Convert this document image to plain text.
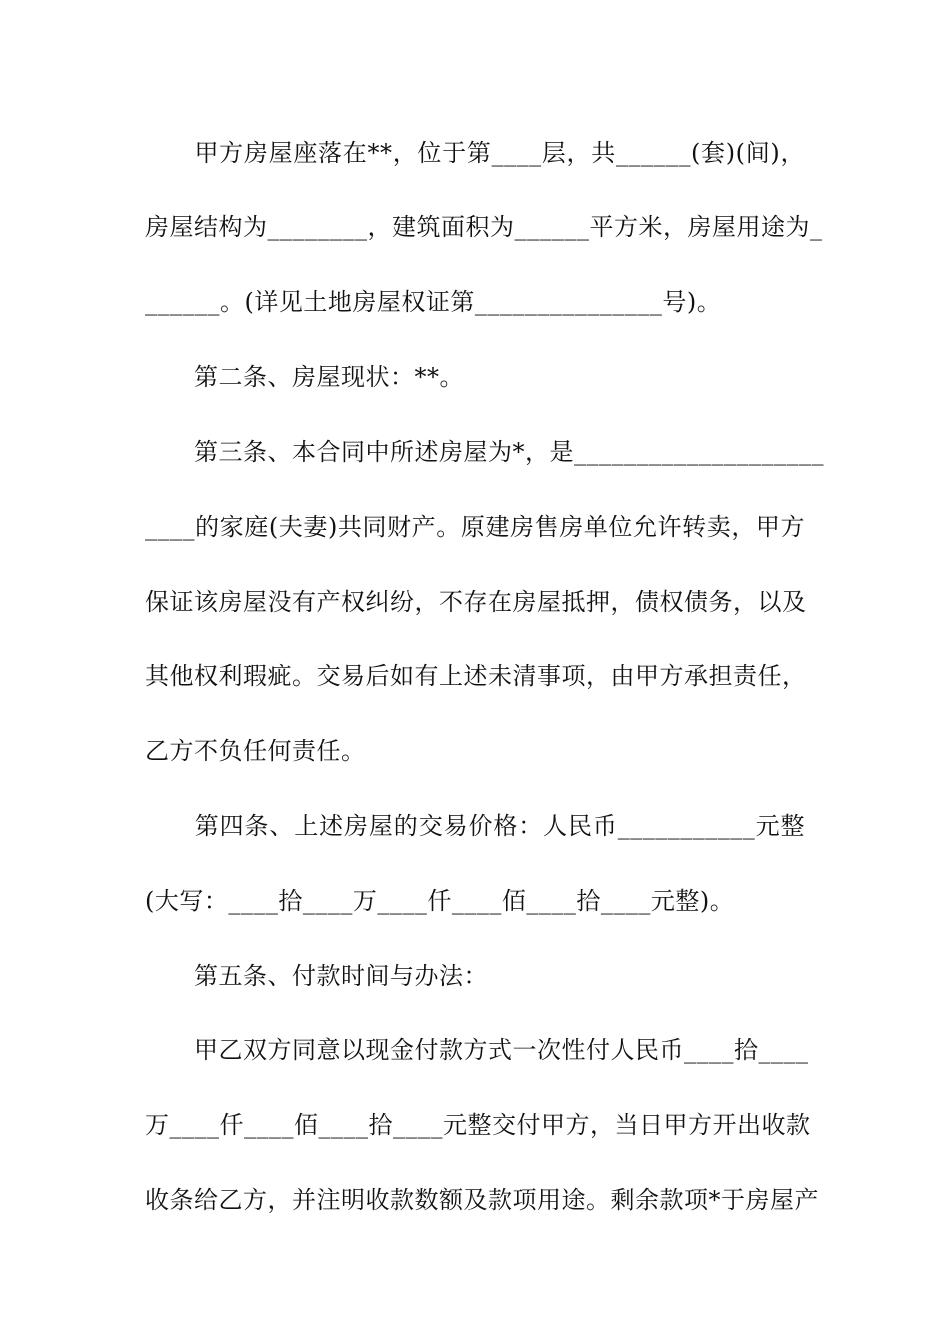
　　甲方房屋座落在**，位于第____层，共______(套)(间)，
房屋结构为________，建筑面积为______平方米，房屋用途为_
______。(详见土地房屋权证第_______________号)。
　　第二条、房屋现状：**。
　　第三条、本合同中所述房屋为*，是____________________
____的家庭(夫妻)共同财产。原建房售房单位允许转卖，甲方
保证该房屋没有产权纠纷，不存在房屋抵押，债权债务，以及
其他权利瑕疵。交易后如有上述未清事项，由甲方承担责任，
乙方不负任何责任。
　　第四条、上述房屋的交易价格：人民币___________元整
(大写：____拾____万____仟____佰____拾____元整)。
　　第五条、付款时间与办法：
　　甲乙双方同意以现金付款方式一次性付人民币____拾____
万____仟____佰____拾____元整交付甲方，当日甲方开出收款
收条给乙方，并注明收款数额及款项用途。剩余款项*于房屋产
